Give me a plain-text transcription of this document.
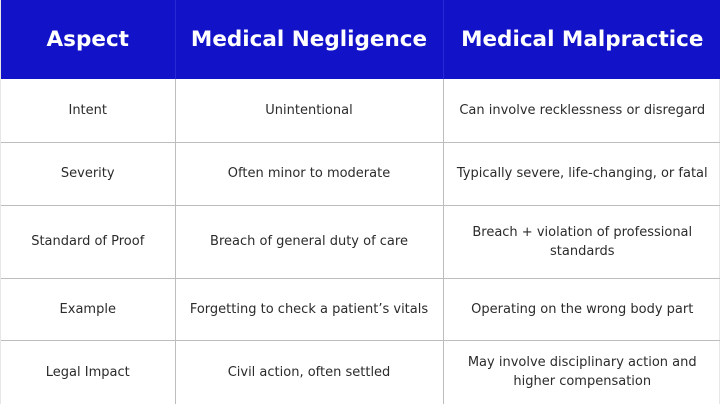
Aspect	Medical Negligence	Medical Malpractice
Intent	Unintentional	Can involve recklessness or disregard
Severity	Often minor to moderate	Typically severe, life-changing, or fatal
Standard of Proof	Breach of general duty of care	Breach + violation of professional standards
Example	Forgetting to check a patient’s vitals	Operating on the wrong body part
Legal Impact	Civil action, often settled	May involve disciplinary action and higher compensation
